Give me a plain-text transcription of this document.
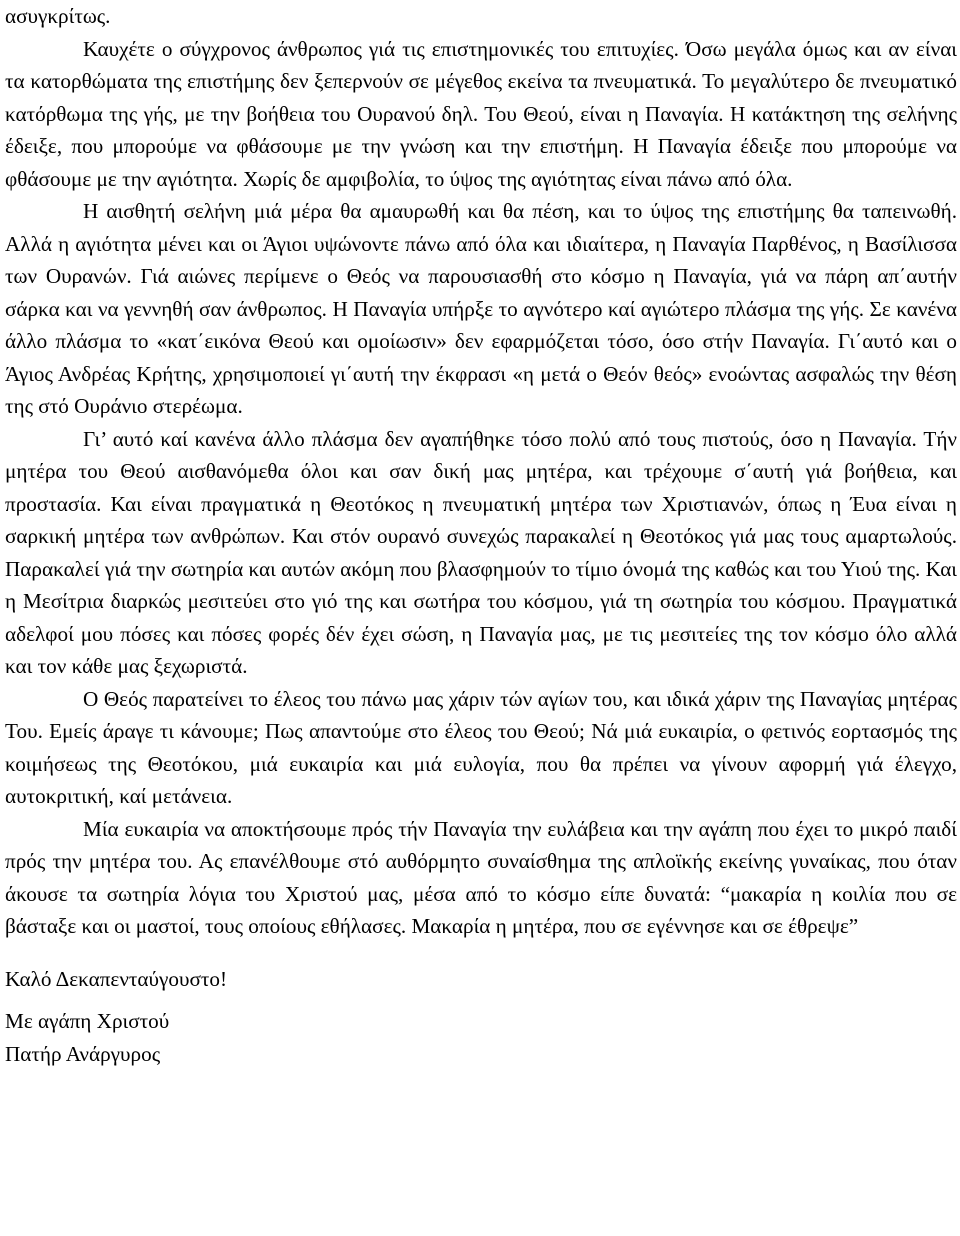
ασυγκρίτως.

Καυχέτε ο σύγχρονος άνθρωπος γιά τις επιστημονικές του επιτυχίες. Όσω μεγάλα όμως και αν είναι τα κατορθώματα της επιστήμης δεν ξεπερνούν σε μέγεθος εκείνα τα πνευματικά. Το μεγαλύτερο δε πνευματικό κατόρθωμα της γής, με την βοήθεια του Ουρανού δηλ. Του Θεού, είναι η Παναγία. Η κατάκτηση της σελήνης έδειξε, που μπορούμε να φθάσουμε με την γνώση και την επιστήμη. Η Παναγία έδειξε που μπορούμε να φθάσουμε με την αγιότητα. Χωρίς δε αμφιβολία, το ύψος της αγιότητας είναι πάνω από όλα.

Η αισθητή σελήνη μιά μέρα θα αμαυρωθή και θα πέση, και το ύψος της επιστήμης θα ταπεινωθή. Αλλά η αγιότητα μένει και οι Άγιοι υψώνοντε πάνω από όλα και ιδιαίτερα, η Παναγία Παρθένος, η Βασίλισσα των Ουρανών. Γιά αιώνες περίμενε ο Θεός να παρουσιασθή στο κόσμο η Παναγία, γιά να πάρη απ΄αυτήν σάρκα και να γεννηθή σαν άνθρωπος. Η Παναγία υπήρξε το αγνότερο καί αγιώτερο πλάσμα της γής. Σε κανένα άλλο πλάσμα το «κατ΄εικόνα Θεού και ομοίωσιν» δεν εφαρμόζεται τόσο, όσο στήν Παναγία. Γι΄αυτό και ο Άγιος Ανδρέας Κρήτης, χρησιμοποιεί γι΄αυτή την έκφρασι «η μετά ο Θεόν θεός» ενοώντας ασφαλώς την θέση της στό Ουράνιο στερέωμα.

Γι’ αυτό καί κανένα άλλο πλάσμα δεν αγαπήθηκε τόσο πολύ από τους πιστούς, όσο η Παναγία. Τήν μητέρα του Θεού αισθανόμεθα όλοι και σαν δική μας μητέρα, και τρέχουμε σ΄αυτή γιά βοήθεια, και προστασία. Και είναι πραγματικά η Θεοτόκος η πνευματική μητέρα των Χριστιανών, όπως η Έυα είναι η σαρκική μητέρα των ανθρώπων. Και στόν ουρανό συνεχώς παρακαλεί η Θεοτόκος γιά μας τους αμαρτωλούς. Παρακαλεί γιά την σωτηρία και αυτών ακόμη που βλασφημούν το τίμιο όνομά της καθώς και του Υιού της. Και η Μεσίτρια διαρκώς μεσιτεύει στο γιό της και σωτήρα του κόσμου, γιά τη σωτηρία του κόσμου. Πραγματικά αδελφοί μου πόσες και πόσες φορές δέν έχει σώση, η Παναγία μας, με τις μεσιτείες της τον κόσμο όλο αλλά και τον κάθε μας ξεχωριστά.

Ο Θεός παρατείνει το έλεος του πάνω μας χάριν τών αγίων του, και ιδικά χάριν της Παναγίας μητέρας Του. Εμείς άραγε τι κάνουμε; Πως απαντούμε στο έλεος του Θεού; Νά μιά ευκαιρία, ο φετινός εορτασμός της κοιμήσεως της Θεοτόκου, μιά ευκαιρία και μιά ευλογία, που θα πρέπει να γίνουν αφορμή γιά έλεγχο, αυτοκριτική, καί μετάνεια.

Μία ευκαιρία να αποκτήσουμε πρός τήν Παναγία την ευλάβεια και την αγάπη που έχει το μικρό παιδί πρός την μητέρα του. Ας επανέλθουμε στό αυθόρμητο συναίσθημα της απλοϊκής εκείνης γυναίκας, που όταν άκουσε τα σωτηρία λόγια του Χριστού μας, μέσα από το κόσμο είπε δυνατά: “μακαρία η κοιλία που σε βάσταξε και οι μαστοί, τους οποίους εθήλασες. Μακαρία η μητέρα, που σε εγέννησε και σε έθρεψε”

Καλό Δεκαπενταύγουστο!

Με αγάπη Χριστού

Πατήρ Ανάργυρος
